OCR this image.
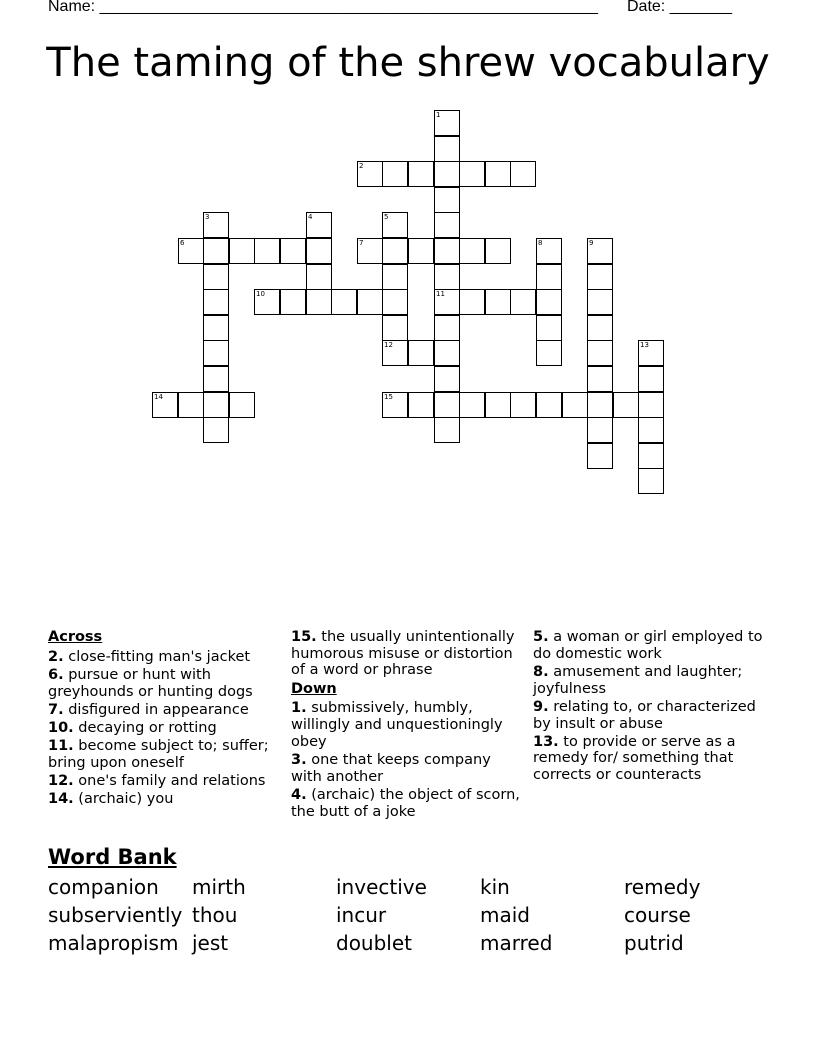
Name: ________________________________________________________ Date: _______
The taming of the shrew vocabulary
1
11
2
3	4	5
6	7	8	9
10
12	13
14	15
Across
2. close-fitting man's jacket
6. pursue or hunt with greyhounds or hunting dogs
7. disfigured in appearance
10. decaying or rotting
11. become subject to; suffer; bring upon oneself
12. one's family and relations
14. (archaic) you
15. the usually unintentionally humorous misuse or distortion of a word or phrase
Down
1. submissively, humbly, willingly and unquestioningly obey
3. one that keeps company with another
4. (archaic) the object of scorn, the butt of a joke
5. a woman or girl employed to do domestic work
8. amusement and laughter; joyfulness
9. relating to, or characterized by insult or abuse
13. to provide or serve as a remedy for/ something that corrects or counteracts
Word Bank
companion mirth	invective	kin	remedy
subserviently thou	incur	maid	course
malapropism jest	doublet	marred	putrid
